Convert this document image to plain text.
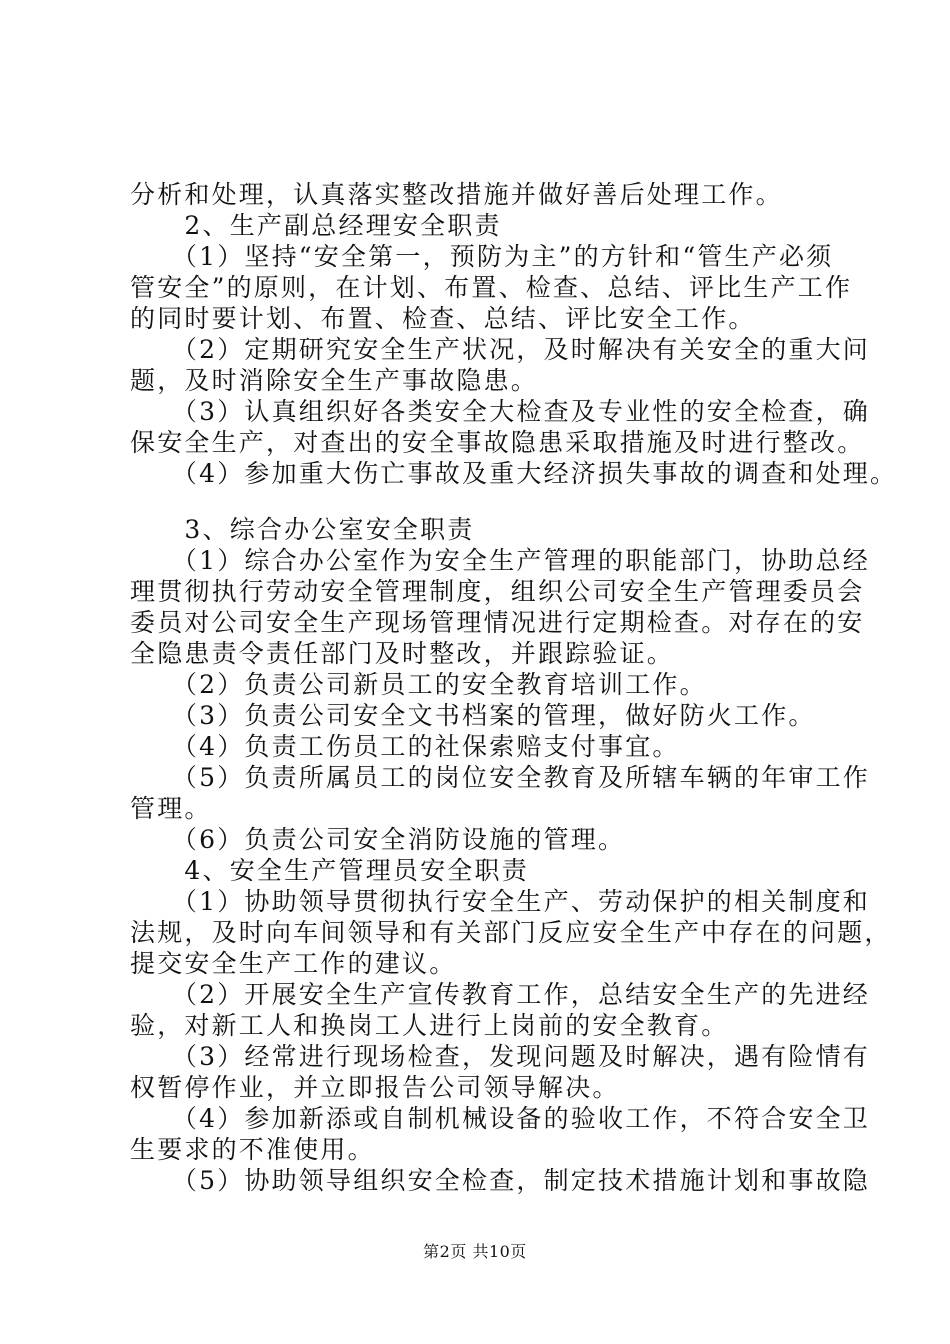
分析和处理，认真落实整改措施并做好善后处理工作。
　　2、生产副总经理安全职责
　　（1）坚持“安全第一，预防为主”的方针和“管生产必须
管安全”的原则，在计划、布置、检查、总结、评比生产工作
的同时要计划、布置、检查、总结、评比安全工作。
　　（2）定期研究安全生产状况，及时解决有关安全的重大问
题，及时消除安全生产事故隐患。
　　（3）认真组织好各类安全大检查及专业性的安全检查，确
保安全生产，对查出的安全事故隐患采取措施及时进行整改。
　　（4）参加重大伤亡事故及重大经济损失事故的调查和处理。
　　3、综合办公室安全职责
　　（1）综合办公室作为安全生产管理的职能部门，协助总经
理贯彻执行劳动安全管理制度，组织公司安全生产管理委员会
委员对公司安全生产现场管理情况进行定期检查。对存在的安
全隐患责令责任部门及时整改，并跟踪验证。
　　（2）负责公司新员工的安全教育培训工作。
　　（3）负责公司安全文书档案的管理，做好防火工作。
　　（4）负责工伤员工的社保索赔支付事宜。
　　（5）负责所属员工的岗位安全教育及所辖车辆的年审工作
管理。
　　（6）负责公司安全消防设施的管理。
　　4、安全生产管理员安全职责
　　（1）协助领导贯彻执行安全生产、劳动保护的相关制度和
法规，及时向车间领导和有关部门反应安全生产中存在的问题，
提交安全生产工作的建议。
　　（2）开展安全生产宣传教育工作，总结安全生产的先进经
验，对新工人和换岗工人进行上岗前的安全教育。
　　（3）经常进行现场检查，发现问题及时解决，遇有险情有
权暂停作业，并立即报告公司领导解决。
　　（4）参加新添或自制机械设备的验收工作，不符合安全卫
生要求的不准使用。
　　（5）协助领导组织安全检查，制定技术措施计划和事故隐
第2页 共10页
